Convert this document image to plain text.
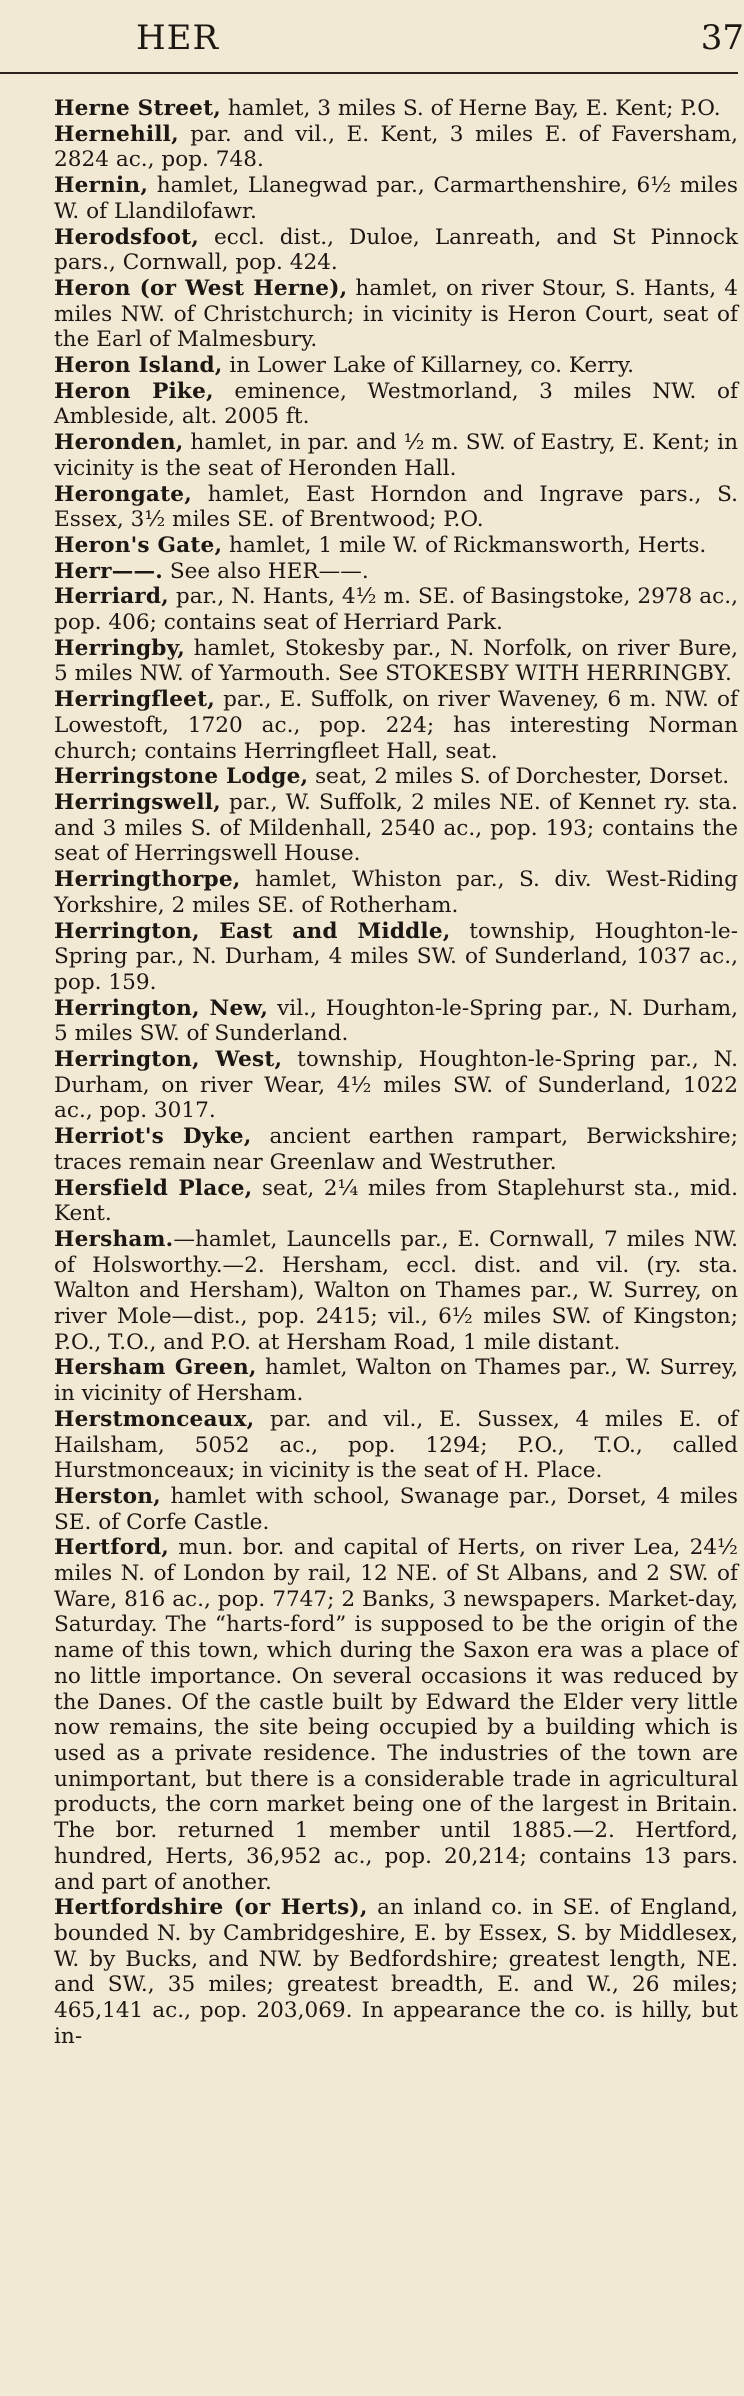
HER	37

Herne Street, hamlet, 3 miles S. of Herne Bay, E. Kent; P.O.

Hernehill, par. and vil., E. Kent, 3 miles E. of Faversham, 2824 ac., pop. 748.

Hernin, hamlet, Llanegwad par., Carmarthenshire, 6½ miles W. of Llandilofawr.

Herodsfoot, eccl. dist., Duloe, Lanreath, and St Pinnock pars., Cornwall, pop. 424.

Heron (or West Herne), hamlet, on river Stour, S. Hants, 4 miles NW. of Christchurch; in vicinity is Heron Court, seat of the Earl of Malmesbury.

Heron Island, in Lower Lake of Killarney, co. Kerry.

Heron Pike, eminence, Westmorland, 3 miles NW. of Ambleside, alt. 2005 ft.

Heronden, hamlet, in par. and ½ m. SW. of Eastry, E. Kent; in vicinity is the seat of Heronden Hall.

Herongate, hamlet, East Horndon and Ingrave pars., S. Essex, 3½ miles SE. of Brentwood; P.O.

Heron's Gate, hamlet, 1 mile W. of Rickmansworth, Herts.

Herr——. See also HER——.

Herriard, par., N. Hants, 4½ m. SE. of Basingstoke, 2978 ac., pop. 406; contains seat of Herriard Park.

Herringby, hamlet, Stokesby par., N. Norfolk, on river Bure, 5 miles NW. of Yarmouth. See STOKESBY WITH HERRINGBY.

Herringfleet, par., E. Suffolk, on river Waveney, 6 m. NW. of Lowestoft, 1720 ac., pop. 224; has interesting Norman church; contains Herringfleet Hall, seat.

Herringstone Lodge, seat, 2 miles S. of Dorchester, Dorset.

Herringswell, par., W. Suffolk, 2 miles NE. of Kennet ry. sta. and 3 miles S. of Mildenhall, 2540 ac., pop. 193; contains the seat of Herringswell House.

Herringthorpe, hamlet, Whiston par., S. div. West-Riding Yorkshire, 2 miles SE. of Rotherham.

Herrington, East and Middle, township, Houghton-le-Spring par., N. Durham, 4 miles SW. of Sunderland, 1037 ac., pop. 159.

Herrington, New, vil., Houghton-le-Spring par., N. Durham, 5 miles SW. of Sunderland.

Herrington, West, township, Houghton-le-Spring par., N. Durham, on river Wear, 4½ miles SW. of Sunderland, 1022 ac., pop. 3017.

Herriot's Dyke, ancient earthen rampart, Berwickshire; traces remain near Greenlaw and Westruther.

Hersfield Place, seat, 2¼ miles from Staplehurst sta., mid. Kent.

Hersham.—hamlet, Launcells par., E. Cornwall, 7 miles NW. of Holsworthy.—2. Hersham, eccl. dist. and vil. (ry. sta. Walton and Hersham), Walton on Thames par., W. Surrey, on river Mole—dist., pop. 2415; vil., 6½ miles SW. of Kingston; P.O., T.O., and P.O. at Hersham Road, 1 mile distant.

Hersham Green, hamlet, Walton on Thames par., W. Surrey, in vicinity of Hersham.

Herstmonceaux, par. and vil., E. Sussex, 4 miles E. of Hailsham, 5052 ac., pop. 1294; P.O., T.O., called Hurstmonceaux; in vicinity is the seat of H. Place.

Herston, hamlet with school, Swanage par., Dorset, 4 miles SE. of Corfe Castle.

Hertford, mun. bor. and capital of Herts, on river Lea, 24½ miles N. of London by rail, 12 NE. of St Albans, and 2 SW. of Ware, 816 ac., pop. 7747; 2 Banks, 3 newspapers. Market-day, Saturday. The “harts-ford” is supposed to be the origin of the name of this town, which during the Saxon era was a place of no little importance. On several occasions it was reduced by the Danes. Of the castle built by Edward the Elder very little now remains, the site being occupied by a building which is used as a private residence. The industries of the town are unimportant, but there is a considerable trade in agricultural products, the corn market being one of the largest in Britain. The bor. returned 1 member until 1885.—2. Hertford, hundred, Herts, 36,952 ac., pop. 20,214; contains 13 pars. and part of another.

Hertfordshire (or Herts), an inland co. in SE. of England, bounded N. by Cambridgeshire, E. by Essex, S. by Middlesex, W. by Bucks, and NW. by Bedfordshire; greatest length, NE. and SW., 35 miles; greatest breadth, E. and W., 26 miles; 465,141 ac., pop. 203,069. In appearance the co. is hilly, but in-
